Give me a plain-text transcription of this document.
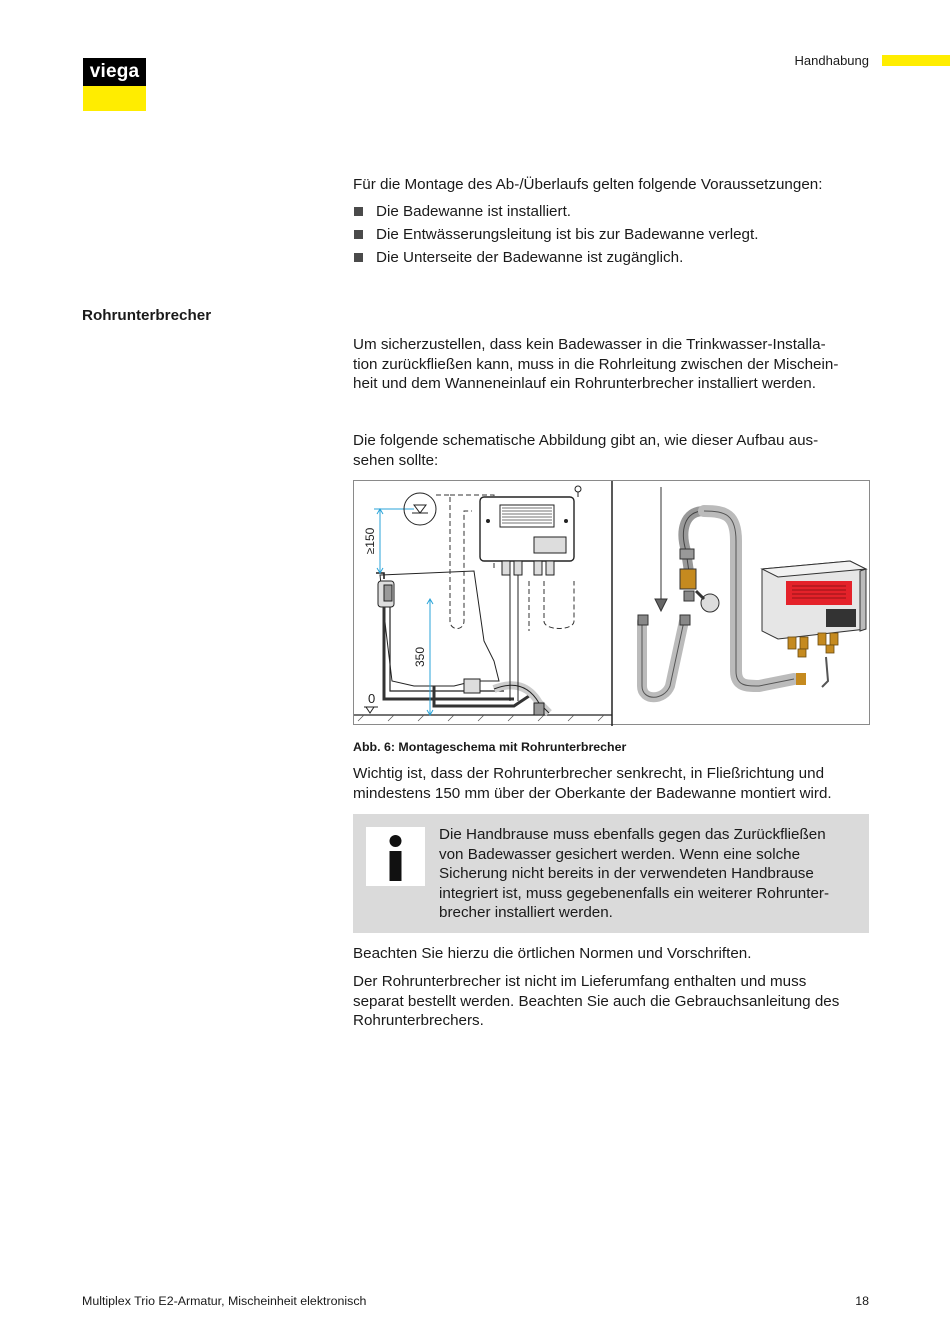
viega
Handhabung
Für die Montage des Ab-/Überlaufs gelten folgende Voraussetzungen:
Die Badewanne ist installiert.
Die Entwässerungsleitung ist bis zur Badewanne verlegt.
Die Unterseite der Badewanne ist zugänglich.
Rohrunterbrecher
Um sicherzustellen, dass kein Badewasser in die Trinkwasser-Installa-
tion zurückfließen kann, muss in die Rohrleitung zwischen der Mischein-
heit und dem Wanneneinlauf ein Rohrunterbrecher installiert werden.
Die folgende schematische Abbildung gibt an, wie dieser Aufbau aus-
sehen sollte:
≥150
350
0
Abb. 6: Montageschema mit Rohrunterbrecher
Wichtig ist, dass der Rohrunterbrecher senkrecht, in Fließrichtung und
mindestens 150 mm über der Oberkante der Badewanne montiert wird.
Die Handbrause muss ebenfalls gegen das Zurückfließen
von Badewasser gesichert werden. Wenn eine solche
Sicherung nicht bereits in der verwendeten Handbrause
integriert ist, muss gegebenenfalls ein weiterer Rohrunter-
brecher installiert werden.
Beachten Sie hierzu die örtlichen Normen und Vorschriften.
Der Rohrunterbrecher ist nicht im Lieferumfang enthalten und muss
separat bestellt werden. Beachten Sie auch die Gebrauchsanleitung des
Rohrunterbrechers.
Multiplex Trio E2-Armatur, Mischeinheit elektronisch	18
